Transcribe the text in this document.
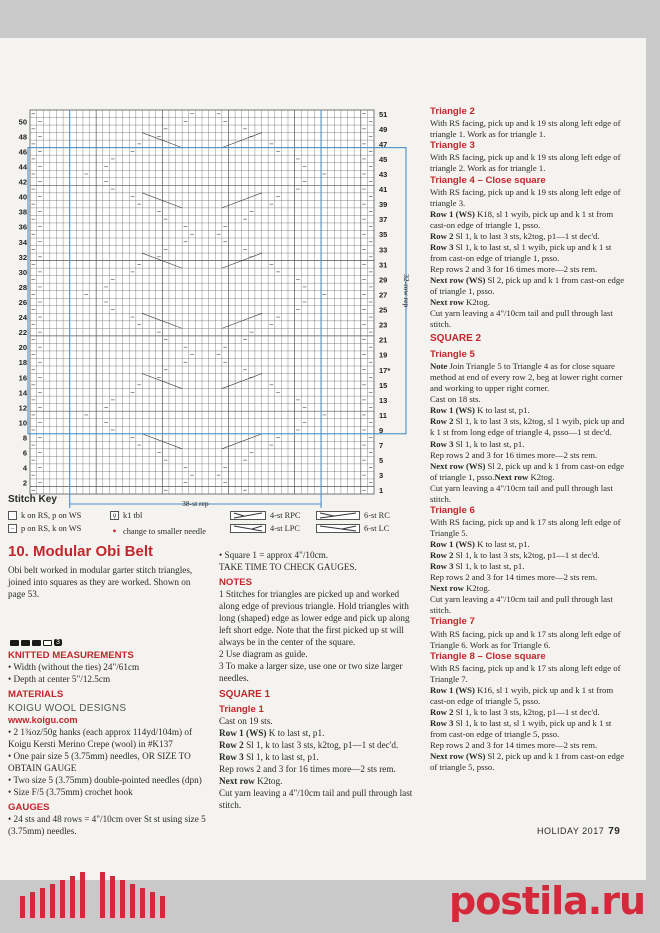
50
48
46
44
42
40
38
36
34
32
30
28
26
24
22
20
18
16
14
12
10
8
6
4
2
51
49
47
45
43
41
39
37
35
33
31
29
27
25
23
21
19
17*
15
13
11
9
7
5
3
1
32-row rep
38-st rep
Stitch Key
k on RS, p on WS
– p on RS, k on WS
ǫ k1 tbl
• change to smaller needle
4-st RPC
4-st LPC
6-st RC
6-st LC
10. Modular Obi Belt

Obi belt worked in modular garter stitch triangles, joined into squares as they are worked. Shown on page 53.

3

KNITTED MEASUREMENTS

• Width (without the ties) 24"/61cm

• Depth at center 5"/12.5cm

MATERIALS

KOIGU WOOL DESIGNS

www.koigu.com

• 2 1¾oz/50g hanks (each approx 114yd/104m) of Koigu Kersti Merino Crepe (wool) in #K137

• One pair size 5 (3.75mm) needles, OR SIZE TO OBTAIN GAUGE

• Two size 5 (3.75mm) double-pointed needles (dpn)

• Size F/5 (3.75mm) crochet hook

GAUGES

• 24 sts and 48 rows = 4"/10cm over St st using size 5 (3.75mm) needles.

• Square 1 = approx 4"/10cm.

TAKE TIME TO CHECK GAUGES.

NOTES

1 Stitches for triangles are picked up and worked along edge of previous triangle. Hold triangles with long (shaped) edge as lower edge and pick up along left short edge. Note that the first picked up st will always be in the center of the square.

2 Use diagram as guide.

3 To make a larger size, use one or two size larger needles.

SQUARE 1

Triangle 1

Cast on 19 sts.

Row 1 (WS) K to last st, p1.

Row 2 Sl 1, k to last 3 sts, k2tog, p1—1 st dec'd.

Row 3 Sl 1, k to last st, p1.

Rep rows 2 and 3 for 16 times more—2 sts rem.

Next row K2tog.

Cut yarn leaving a 4"/10cm tail and pull through last stitch.

Triangle 2

With RS facing, pick up and k 19 sts along left edge of triangle 1. Work as for triangle 1.

Triangle 3

With RS facing, pick up and k 19 sts along left edge of triangle 2. Work as for triangle 1.

Triangle 4 – Close square

With RS facing, pick up and k 19 sts along left edge of triangle 3.

Row 1 (WS) K18, sl 1 wyib, pick up and k 1 st from cast-on edge of triangle 1, psso.

Row 2 Sl 1, k to last 3 sts, k2tog, p1—1 st dec'd.

Row 3 Sl 1, k to last st, sl 1 wyib, pick up and k 1 st from cast-on edge of triangle 1, psso.

Rep rows 2 and 3 for 16 times more—2 sts rem.

Next row (WS) Sl 2, pick up and k 1 from cast-on edge of triangle 1, psso.

Next row K2tog.

Cut yarn leaving a 4"/10cm tail and pull through last stitch.

SQUARE 2

Triangle 5

Note Join Triangle 5 to Triangle 4 as for close square method at end of every row 2, beg at lower right corner and working to upper right corner.

Cast on 18 sts.

Row 1 (WS) K to last st, p1.

Row 2 Sl 1, k to last 3 sts, k2tog, sl 1 wyib, pick up and k 1 st from long edge of triangle 4, psso—1 st dec'd.

Row 3 Sl 1, k to last st, p1.

Rep rows 2 and 3 for 16 times more—2 sts rem.

Next row (WS) Sl 2, pick up and k 1 from cast-on edge of triangle 1, psso.Next row K2tog.

Cut yarn leaving a 4"/10cm tail and pull through last stitch.

Triangle 6

With RS facing, pick up and k 17 sts along left edge of Triangle 5.

Row 1 (WS) K to last st, p1.

Row 2 Sl 1, k to last 3 sts, k2tog, p1—1 st dec'd.

Row 3 Sl 1, k to last st, p1.

Rep rows 2 and 3 for 14 times more—2 sts rem.

Next row K2tog.

Cut yarn leaving a 4"/10cm tail and pull through last stitch.

Triangle 7

With RS facing, pick up and k 17 sts along left edge of Triangle 6. Work as for Triangle 6.

Triangle 8 – Close square

With RS facing, pick up and k 17 sts along left edge of Triangle 7.

Row 1 (WS) K16, sl 1 wyib, pick up and k 1 st from cast-on edge of triangle 5, psso.

Row 2 Sl 1, k to last 3 sts, k2tog, p1—1 st dec'd.

Row 3 Sl 1, k to last st, sl 1 wyib, pick up and k 1 st from cast-on edge of triangle 5, psso.

Rep rows 2 and 3 for 14 times more—2 sts rem.

Next row (WS) Sl 2, pick up and k 1 from cast-on edge of triangle 5, psso.

HOLIDAY 2017 79
postila.ru
